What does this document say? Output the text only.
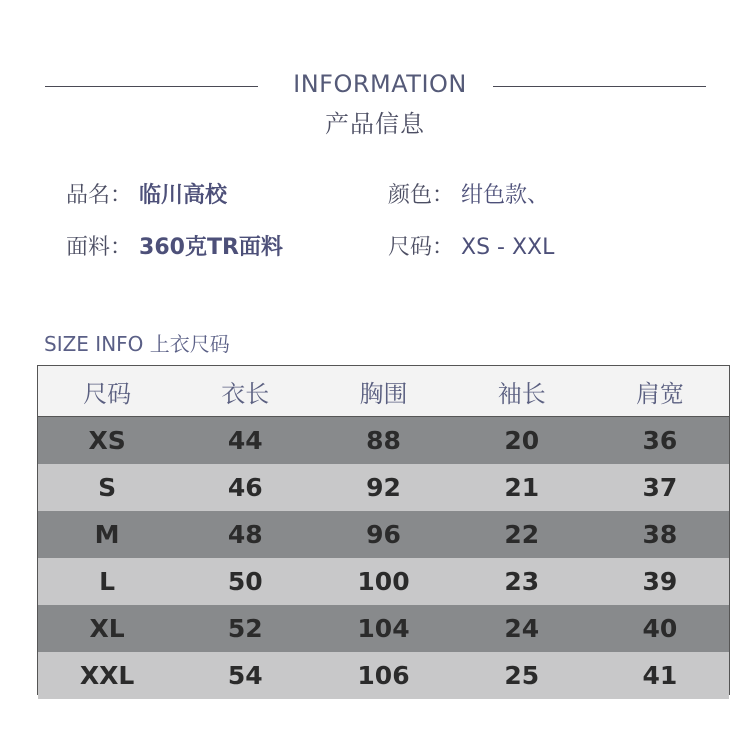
INFORMATION
产品信息
品名： 临川高校	颜色： 绀色款、
面料： 360克TR面料	尺码： XS - XXL
SIZE INFO 上衣尺码
尺码	衣长	胸围	袖长	肩宽
XS	44	88	20	36
S	46	92	21	37
M	48	96	22	38
L	50	100	23	39
XL	52	104	24	40
XXL	54	106	25	41
